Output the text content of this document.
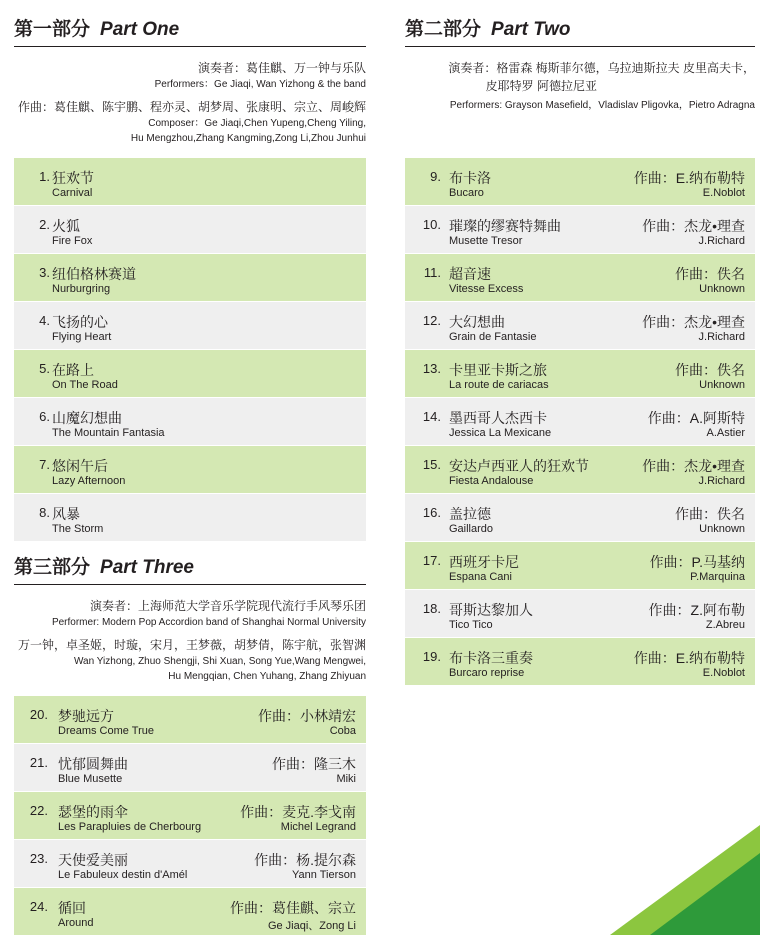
第一部分 Part One
演奏者：葛佳麒、万一钟与乐队
Performers：Ge Jiaqi, Wan Yizhong & the band
作曲：葛佳麒、陈宇鹏、程亦灵、胡梦周、张康明、宗立、周峻辉
Composer：Ge Jiaqi,Chen Yupeng,Cheng Yiling,
Hu Mengzhou,Zhang Kangming,Zong Li,Zhou Junhui
1. 狂欢节
Carnival
2. 火狐
Fire Fox
3. 纽伯格林赛道
Nurburgring
4. 飞扬的心
Flying Heart
5. 在路上
On The Road
6. 山魔幻想曲
The Mountain Fantasia
7. 悠闲午后
Lazy Afternoon
8. 风暴
The Storm
第二部分 Part Two
演奏者：格雷森 梅斯菲尔德，乌拉迪斯拉夫 皮里高夫卡，
皮耶特罗 阿德拉尼亚
Performers: Grayson Masefield，Vladislav Pligovka，Pietro Adragna
9. 布卡洛
Bucaro
作曲：E.纳布勒特
E.Noblot
10. 璀璨的缪赛特舞曲
Musette Tresor
作曲：杰龙•理查
J.Richard
11. 超音速
Vitesse Excess
作曲：佚名
Unknown
12. 大幻想曲
Grain de Fantasie
作曲：杰龙•理查
J.Richard
13. 卡里亚卡斯之旅
La route de cariacas
作曲：佚名
Unknown
14. 墨西哥人杰西卡
Jessica La Mexicane
作曲：A.阿斯特
A.Astier
15. 安达卢西亚人的狂欢节
Fiesta Andalouse
作曲：杰龙•理查
J.Richard
16. 盖拉德
Gaillardo
作曲：佚名
Unknown
17. 西班牙卡尼
Espana Cani
作曲：P.马基纳
P.Marquina
18. 哥斯达黎加人
Tico Tico
作曲：Z.阿布勒
Z.Abreu
19. 布卡洛三重奏
Burcaro reprise
作曲：E.纳布勒特
E.Noblot
第三部分 Part Three
演奏者：上海师范大学音乐学院现代流行手风琴乐团
Performer: Modern Pop Accordion band of Shanghai Normal University
万一钟，卓圣姬，时璇，宋月，王梦薇，胡梦倩，陈宇航，张智渊
Wan Yizhong, Zhuo Shengji, Shi Xuan, Song Yue,Wang Mengwei,
Hu Mengqian, Chen Yuhang, Zhang Zhiyuan
20. 梦驰远方
Dreams Come True
作曲：小林靖宏
Coba
21. 忧郁圆舞曲
Blue Musette
作曲：隆三木
Miki
22. 瑟堡的雨伞
Les Parapluies de Cherbourg
作曲：麦克.李戈南
Michel Legrand
23. 天使爱美丽
Le Fabuleux destin d'Amél
作曲：杨.提尔森
Yann Tierson
24. 循回
Around
作曲：葛佳麒、宗立
Ge Jiaqi、Zong Li
